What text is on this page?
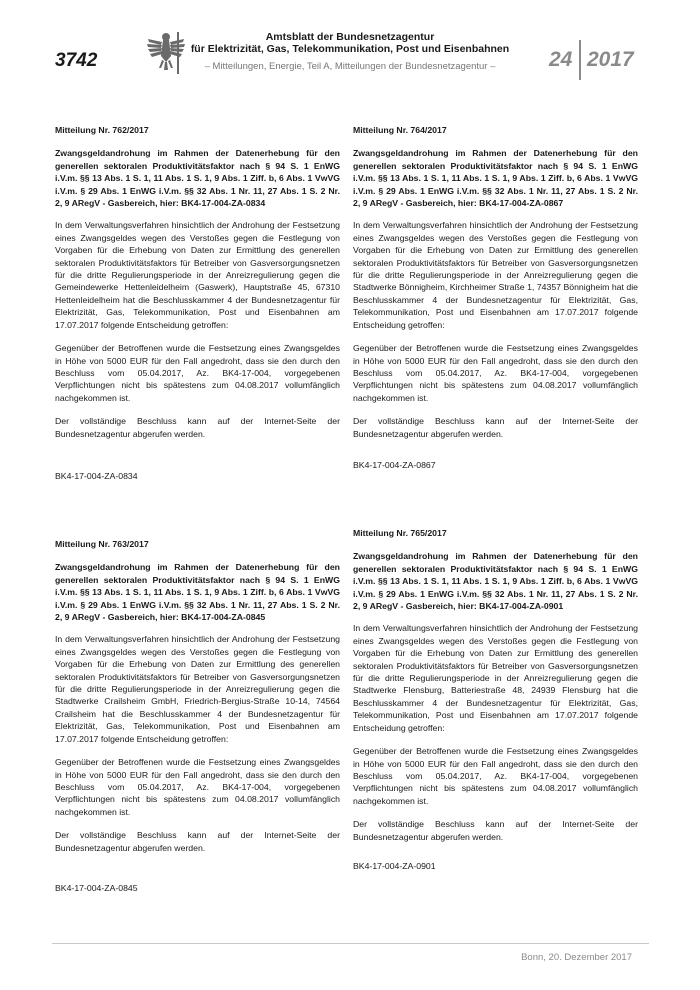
3742
Amtsblatt der Bundesnetzagentur
für Elektrizität, Gas, Telekommunikation, Post und Eisenbahnen
– Mitteilungen, Energie, Teil A, Mitteilungen der Bundesnetzagentur –	24 2017

Mitteilung Nr. 762/2017

Zwangsgeldandrohung im Rahmen der Datenerhebung für den generellen sektoralen Produktivitätsfaktor nach § 94 S. 1 EnWG i.V.m. §§ 13 Abs. 1 S. 1, 11 Abs. 1 S. 1, 9 Abs. 1 Ziff. b, 6 Abs. 1 VwVG i.V.m. § 29 Abs. 1 EnWG i.V.m. §§ 32 Abs. 1 Nr. 11, 27 Abs. 1 S. 2 Nr. 2, 9 ARegV - Gasbereich, hier: BK4-17-004-ZA-0834

In dem Verwaltungsverfahren hinsichtlich der Androhung der Festsetzung eines Zwangsgeldes wegen des Verstoßes gegen die Festlegung von Vorgaben für die Erhebung von Daten zur Ermittlung des generellen sektoralen Produktivitätsfaktors für Betreiber von Gasversorgungsnetzen für die dritte Regulierungsperiode in der Anreizregulierung gegen die Gemeindewerke Hettenleidelheim (Gaswerk), Hauptstraße 45, 67310 Hettenleidelheim hat die Beschlusskammer 4 der Bundesnetzagentur für Elektrizität, Gas, Telekommunikation, Post und Eisenbahnen am 17.07.2017 folgende Entscheidung getroffen:

Gegenüber der Betroffenen wurde die Festsetzung eines Zwangsgeldes in Höhe von 5000 EUR für den Fall angedroht, dass sie den durch den Beschluss vom 05.04.2017, Az. BK4-17-004, vorgegebenen Verpflichtungen nicht bis spätestens zum 04.08.2017 vollumfänglich nachgekommen ist.

Der vollständige Beschluss kann auf der Internet-Seite der Bundesnetzagentur abgerufen werden.

BK4-17-004-ZA-0834

Mitteilung Nr. 764/2017

Zwangsgeldandrohung im Rahmen der Datenerhebung für den generellen sektoralen Produktivitätsfaktor nach § 94 S. 1 EnWG i.V.m. §§ 13 Abs. 1 S. 1, 11 Abs. 1 S. 1, 9 Abs. 1 Ziff. b, 6 Abs. 1 VwVG i.V.m. § 29 Abs. 1 EnWG i.V.m. §§ 32 Abs. 1 Nr. 11, 27 Abs. 1 S. 2 Nr. 2, 9 ARegV - Gasbereich, hier: BK4-17-004-ZA-0867

In dem Verwaltungsverfahren hinsichtlich der Androhung der Festsetzung eines Zwangsgeldes wegen des Verstoßes gegen die Festlegung von Vorgaben für die Erhebung von Daten zur Ermittlung des generellen sektoralen Produktivitätsfaktors für Betreiber von Gasversorgungsnetzen für die dritte Regulierungsperiode in der Anreizregulierung gegen die Stadtwerke Bönnigheim, Kirchheimer Straße 1, 74357 Bönnigheim hat die Beschlusskammer 4 der Bundesnetzagentur für Elektrizität, Gas, Telekommunikation, Post und Eisenbahnen am 17.07.2017 folgende Entscheidung getroffen:

Gegenüber der Betroffenen wurde die Festsetzung eines Zwangsgeldes in Höhe von 5000 EUR für den Fall angedroht, dass sie den durch den Beschluss vom 05.04.2017, Az. BK4-17-004, vorgegebenen Verpflichtungen nicht bis spätestens zum 04.08.2017 vollumfänglich nachgekommen ist.

Der vollständige Beschluss kann auf der Internet-Seite der Bundesnetzagentur abgerufen werden.

BK4-17-004-ZA-0867

Mitteilung Nr. 763/2017

Zwangsgeldandrohung im Rahmen der Datenerhebung für den generellen sektoralen Produktivitätsfaktor nach § 94 S. 1 EnWG i.V.m. §§ 13 Abs. 1 S. 1, 11 Abs. 1 S. 1, 9 Abs. 1 Ziff. b, 6 Abs. 1 VwVG i.V.m. § 29 Abs. 1 EnWG i.V.m. §§ 32 Abs. 1 Nr. 11, 27 Abs. 1 S. 2 Nr. 2, 9 ARegV - Gasbereich, hier: BK4-17-004-ZA-0845

In dem Verwaltungsverfahren hinsichtlich der Androhung der Festsetzung eines Zwangsgeldes wegen des Verstoßes gegen die Festlegung von Vorgaben für die Erhebung von Daten zur Ermittlung des generellen sektoralen Produktivitätsfaktors für Betreiber von Gasversorgungsnetzen für die dritte Regulierungsperiode in der Anreizregulierung gegen die Stadtwerke Crailsheim GmbH, Friedrich-Bergius-Straße 10-14, 74564 Crailsheim hat die Beschlusskammer 4 der Bundesnetzagentur für Elektrizität, Gas, Telekommunikation, Post und Eisenbahnen am 17.07.2017 folgende Entscheidung getroffen:

Gegenüber der Betroffenen wurde die Festsetzung eines Zwangsgeldes in Höhe von 5000 EUR für den Fall angedroht, dass sie den durch den Beschluss vom 05.04.2017, Az. BK4-17-004, vorgegebenen Verpflichtungen nicht bis spätestens zum 04.08.2017 vollumfänglich nachgekommen ist.

Der vollständige Beschluss kann auf der Internet-Seite der Bundesnetzagentur abgerufen werden.

BK4-17-004-ZA-0845

Mitteilung Nr. 765/2017

Zwangsgeldandrohung im Rahmen der Datenerhebung für den generellen sektoralen Produktivitätsfaktor nach § 94 S. 1 EnWG i.V.m. §§ 13 Abs. 1 S. 1, 11 Abs. 1 S. 1, 9 Abs. 1 Ziff. b, 6 Abs. 1 VwVG i.V.m. § 29 Abs. 1 EnWG i.V.m. §§ 32 Abs. 1 Nr. 11, 27 Abs. 1 S. 2 Nr. 2, 9 ARegV - Gasbereich, hier: BK4-17-004-ZA-0901

In dem Verwaltungsverfahren hinsichtlich der Androhung der Festsetzung eines Zwangsgeldes wegen des Verstoßes gegen die Festlegung von Vorgaben für die Erhebung von Daten zur Ermittlung des generellen sektoralen Produktivitätsfaktors für Betreiber von Gasversorgungsnetzen für die dritte Regulierungsperiode in der Anreizregulierung gegen die Stadtwerke Flensburg, Batteriestraße 48, 24939 Flensburg hat die Beschlusskammer 4 der Bundesnetzagentur für Elektrizität, Gas, Telekommunikation, Post und Eisenbahnen am 17.07.2017 folgende Entscheidung getroffen:

Gegenüber der Betroffenen wurde die Festsetzung eines Zwangsgeldes in Höhe von 5000 EUR für den Fall angedroht, dass sie den durch den Beschluss vom 05.04.2017, Az. BK4-17-004, vorgegebenen Verpflichtungen nicht bis spätestens zum 04.08.2017 vollumfänglich nachgekommen ist.

Der vollständige Beschluss kann auf der Internet-Seite der Bundesnetzagentur abgerufen werden.

BK4-17-004-ZA-0901

Bonn, 20. Dezember 2017
